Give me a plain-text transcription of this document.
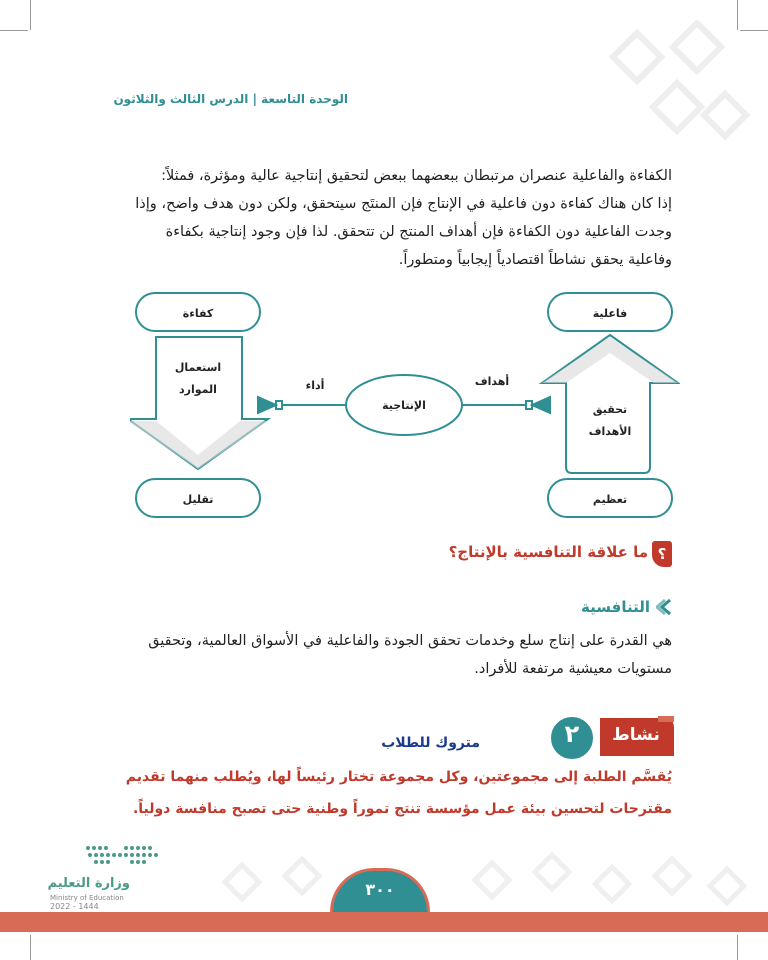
الوحدة التاسعة | الدرس الثالث والثلاثون
الكفاءة والفاعلية عنصران مرتبطان ببعضهما ببعض لتحقيق إنتاجية عالية ومؤثرة، فمثلاً:
إذا كان هناك كفاءة دون فاعلية في الإنتاج فإن المنتَج سيتحقق، ولكن دون هدف واضح، وإذا
وجدت الفاعلية دون الكفاءة فإن أهداف المنتج لن تتحقق. لذا فإن وجود إنتاجية بكفاءة
وفاعلية يحقق نشاطاً اقتصادياً إيجابياً ومتطوراً.
كفاءة	فاعلية
استعمال
الموارد
تحقيق
الأهداف
الإنتاجية
أداء	أهداف
تقليل	تعظيم
؟
ما علاقة التنافسية بالإنتاج؟
التنافسية
هي القدرة على إنتاج سلع وخدمات تحقق الجودة والفاعلية في الأسواق العالمية، وتحقيق
مستويات معيشية مرتفعة للأفراد.
٢	نشاط
متروك للطلاب
يُقسَّم الطلبة إلى مجموعتين، وكل مجموعة تختار رئيساً لها، ويُطلب منهما تقديم
مقترحات لتحسين بيئة عمل مؤسسة تنتج تموراً وطنية حتى تصبح منافسة دولياً.
وزارة التعليم
Ministry of Education
2022 - 1444
٣٠٠
